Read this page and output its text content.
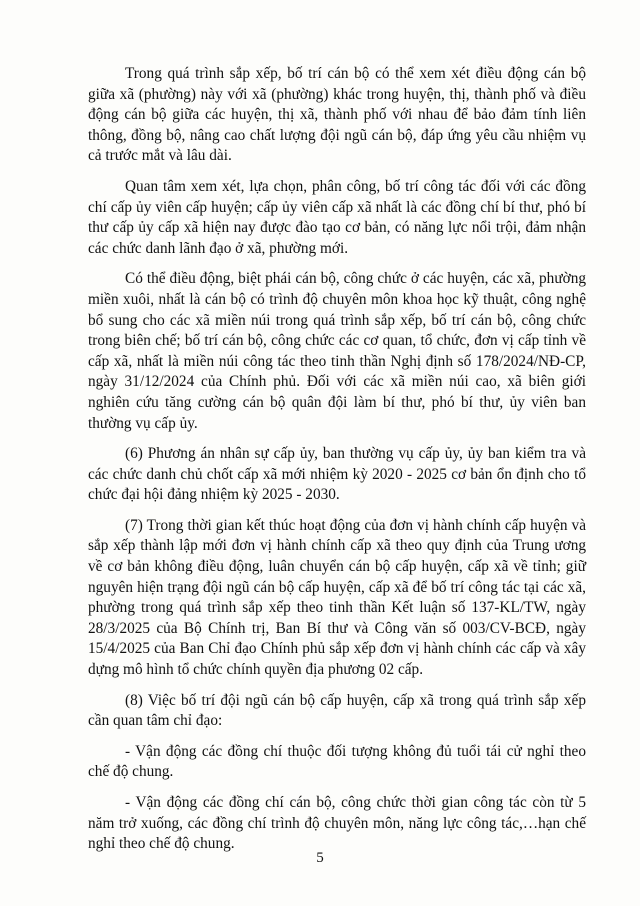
Trong quá trình sắp xếp, bố trí cán bộ có thể xem xét điều động cán bộ giữa xã (phường) này với xã (phường) khác trong huyện, thị, thành phố và điều động cán bộ giữa các huyện, thị xã, thành phố với nhau để bảo đảm tính liên thông, đồng bộ, nâng cao chất lượng đội ngũ cán bộ, đáp ứng yêu cầu nhiệm vụ cả trước mắt và lâu dài.

Quan tâm xem xét, lựa chọn, phân công, bố trí công tác đối với các đồng chí cấp ủy viên cấp huyện; cấp ủy viên cấp xã nhất là các đồng chí bí thư, phó bí thư cấp ủy cấp xã hiện nay được đào tạo cơ bản, có năng lực nổi trội, đảm nhận các chức danh lãnh đạo ở xã, phường mới.

Có thể điều động, biệt phái cán bộ, công chức ở các huyện, các xã, phường miền xuôi, nhất là cán bộ có trình độ chuyên môn khoa học kỹ thuật, công nghệ bổ sung cho các xã miền núi trong quá trình sắp xếp, bố trí cán bộ, công chức trong biên chế; bố trí cán bộ, công chức các cơ quan, tổ chức, đơn vị cấp tỉnh về cấp xã, nhất là miền núi công tác theo tinh thần Nghị định số 178/2024/NĐ-CP, ngày 31/12/2024 của Chính phủ. Đối với các xã miền núi cao, xã biên giới nghiên cứu tăng cường cán bộ quân đội làm bí thư, phó bí thư, ủy viên ban thường vụ cấp ủy.

(6) Phương án nhân sự cấp ủy, ban thường vụ cấp ủy, ủy ban kiểm tra và các chức danh chủ chốt cấp xã mới nhiệm kỳ 2020 - 2025 cơ bản ổn định cho tổ chức đại hội đảng nhiệm kỳ 2025 - 2030.

(7) Trong thời gian kết thúc hoạt động của đơn vị hành chính cấp huyện và sắp xếp thành lập mới đơn vị hành chính cấp xã theo quy định của Trung ương về cơ bản không điều động, luân chuyển cán bộ cấp huyện, cấp xã về tỉnh; giữ nguyên hiện trạng đội ngũ cán bộ cấp huyện, cấp xã để bố trí công tác tại các xã, phường trong quá trình sắp xếp theo tinh thần Kết luận số 137-KL/TW, ngày 28/3/2025 của Bộ Chính trị, Ban Bí thư và Công văn số 003/CV-BCĐ, ngày 15/4/2025 của Ban Chỉ đạo Chính phủ sắp xếp đơn vị hành chính các cấp và xây dựng mô hình tổ chức chính quyền địa phương 02 cấp.

(8) Việc bố trí đội ngũ cán bộ cấp huyện, cấp xã trong quá trình sắp xếp cần quan tâm chỉ đạo:

- Vận động các đồng chí thuộc đối tượng không đủ tuổi tái cử nghỉ theo chế độ chung.

- Vận động các đồng chí cán bộ, công chức thời gian công tác còn từ 5 năm trở xuống, các đồng chí trình độ chuyên môn, năng lực công tác,…hạn chế nghỉ theo chế độ chung.

5
